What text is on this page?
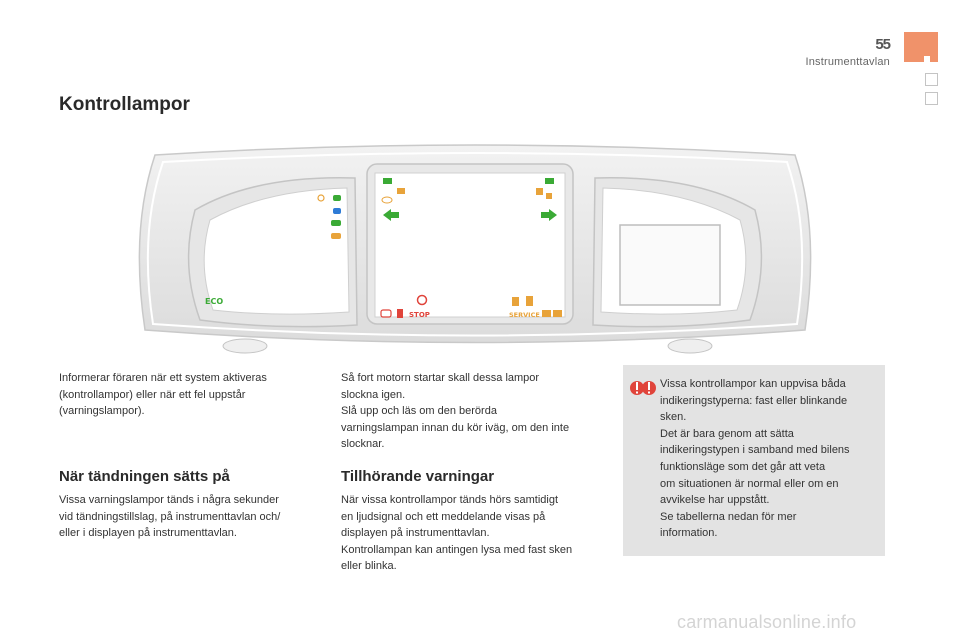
55
Instrumenttavlan
Kontrollampor
ECO
STOP	SERVICE

Informerar föraren när ett system aktiveras

(kontrollampor) eller när ett fel uppstår

(varningslampor).

När tändningen sätts på

Vissa varningslampor tänds i några sekunder

vid tändningstillslag, på instrumenttavlan och/

eller i displayen på instrumenttavlan.

Så fort motorn startar skall dessa lampor

slockna igen.

Slå upp och läs om den berörda

varningslampan innan du kör iväg, om den inte

slocknar.

Tillhörande varningar

När vissa kontrollampor tänds hörs samtidigt

en ljudsignal och ett meddelande visas på

displayen på instrumenttavlan.

Kontrollampan kan antingen lysa med fast sken

eller blinka.

Vissa kontrollampor kan uppvisa båda
indikeringstyperna: fast eller blinkande
sken.
Det är bara genom att sätta
indikeringstypen i samband med bilens
funktionsläge som det går att veta
om situationen är normal eller om en
avvikelse har uppstått.
Se tabellerna nedan för mer
information.
carmanualsonline.info
